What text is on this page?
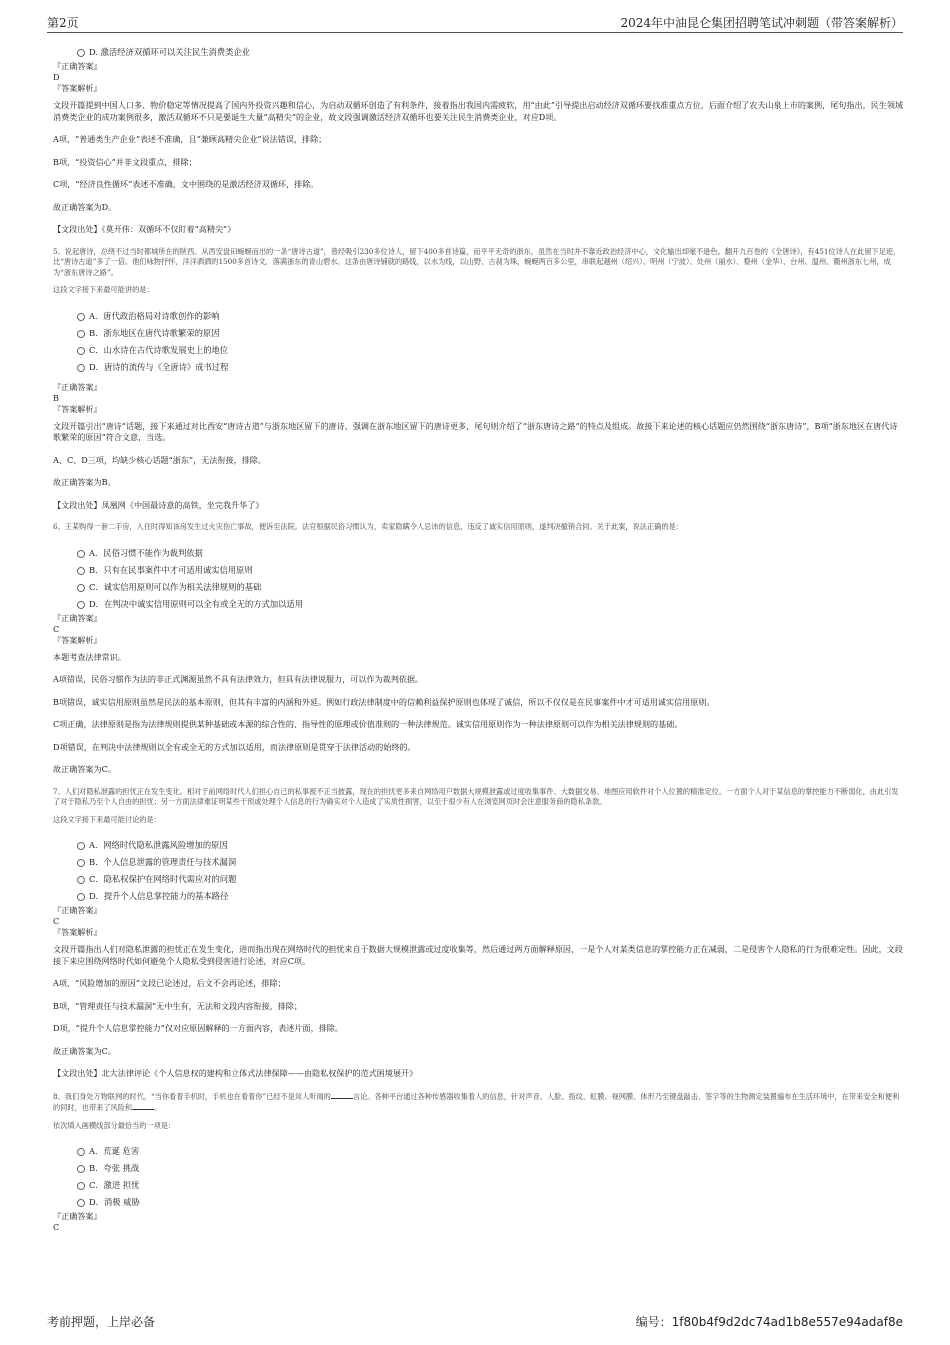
第2页	2024年中油昆仑集团招聘笔试冲刺题（带答案解析）
D. 激活经济双循环可以关注民生消费类企业
『正确答案』
D
『答案解析』

文段开篇提到中国人口多、物价稳定等情况提高了国内外投资兴趣和信心，为启动双循环创造了有利条件，接着指出我国内需疲软，用“由此”引导提出启动经济双循环要找准重点方位，后面介绍了农夫山泉上市的案例，尾句指出，民生领域消费类企业的成功案例很多，激活双循环不只是要诞生大量“高精尖”的企业，故文段强调激活经济双循环也要关注民生消费类企业，对应D项。

A项，“普通类生产企业”表述不准确，且“兼顾高精尖企业”说法错误，排除；

B项，“投资信心”并非文段重点，排除；

C项，“经济良性循环”表述不准确，文中围绕的是激活经济双循环，排除。

故正确答案为D。

【文段出处】《莫开伟：双循环不仅盯着“高精尖”》

5、说起唐诗，总绕不过当时都城所在的陕西。从西安盘田蜿蜒而出的一条“唐诗古道”，曾经吸引230多位诗人，留下400多首诗篇，而平平无奇的浙东，虽然在当时并不靠近政治经济中心，文化输出却毫不逊色。翻开九百卷的《全唐诗》，有451位诗人在此留下足迹，比“唐诗古道”多了一倍。他们咏物抒怀，洋洋洒洒的1500多首诗文，落满浙东的青山碧水。这条由唐诗铺就的路线，以水为线，以山野、古刹为珠，蜿蜒两百多公里，串联起越州（绍兴）、明州（宁波）、处州（丽水）、婺州（金华）、台州、温州、衢州浙东七州，成为“浙东唐诗之路”。
这段文字接下来最可能讲的是：
A．唐代政治格局对诗歌创作的影响
B．浙东地区在唐代诗歌繁荣的原因
C．山水诗在古代诗歌发展史上的地位
D．唐诗的流传与《全唐诗》成书过程
『正确答案』
B
『答案解析』

文段开篇引出“唐诗”话题，接下来通过对比西安“唐诗古道”与浙东地区留下的唐诗，强调在浙东地区留下的唐诗更多，尾句则介绍了“浙东唐诗之路”的特点及组成。故接下来论述的核心话题应仍然围绕“浙东唐诗”，B项“浙东地区在唐代诗歌繁荣的原因”符合文意，当选。

A、C、D三项，均缺少核心话题“浙东”，无法衔接，排除。

故正确答案为B。

【文段出处】凤凰网《中国最诗意的高铁，坐完我升华了》

6、王某购得一套二手房，入住时得知该房发生过火灾伤亡事故，便诉至法院。法官根据民俗习惯认为，卖家隐瞒令人忌讳的信息，违反了诚实信用原则，遂判决撤销合同。关于此案，说法正确的是：
A．民俗习惯不能作为裁判依据
B．只有在民事案件中才可适用诚实信用原则
C．诚实信用原则可以作为相关法律规则的基础
D．在判决中诚实信用原则可以全有或全无的方式加以适用
『正确答案』
C
『答案解析』

本题考查法律常识。

A项错误，民俗习惯作为法的非正式渊源虽然不具有法律效力，但具有法律说服力，可以作为裁判依据。

B项错误，诚实信用原则虽然是民法的基本原则，但其有丰富的内涵和外延。例如行政法律制度中的信赖利益保护原则也体现了诚信，所以不仅仅是在民事案件中才可适用诚实信用原则。

C项正确，法律原则是指为法律规则提供某种基础或本源的综合性的、指导性的原理或价值准则的一种法律规范。诚实信用原则作为一种法律原则可以作为相关法律规则的基础。

D项错误，在判决中法律规则以全有或全无的方式加以适用，而法律原则是贯穿于法律活动的始终的。

故正确答案为C。

7、人们对隐私泄露的担忧正在发生变化。相对于前网络时代人们担心自己的私事被不正当披露，现在的担忧更多来自网络用户数据大规模泄露或过度收集事件、大数据交易、地图应用软件对个人位置的精准定位。一方面个人对于某信息的掌控能力不断弱化，由此引发了对于隐私乃至个人自由的担忧；另一方面法律难证明某些干预或处理个人信息的行为确实对个人造成了实质性损害，以至于很少有人在浏览网页时会注意服务商的隐私条款。
这段文字接下来最可能讨论的是：
A．网络时代隐私泄露风险增加的原因
B．个人信息泄露的管理责任与技术漏洞
C．隐私权保护在网络时代需应对的问题
D．提升个人信息掌控能力的基本路径
『正确答案』
C
『答案解析』

文段开篇指出人们对隐私泄露的担忧正在发生变化，进而指出现在网络时代的担忧来自于数据大规模泄露或过度收集等，然后通过两方面解释原因，一是个人对某类信息的掌控能力正在减弱，二是侵害个人隐私的行为很难定性。因此，文段接下来应围绕网络时代如何避免个人隐私受到侵害进行论述，对应C项。

A项，“风险增加的原因”文段已论述过，后文不会再论述，排除；

B项，“管理责任与技术漏洞”无中生有，无法和文段内容衔接，排除；

D项，“提升个人信息掌控能力”仅对应原因解释的一方面内容，表述片面，排除。

故正确答案为C。

【文段出处】北大法律评论《个人信息权的建构和立体式法律保障——由隐私权保护的范式困境展开》

8、我们身处万物联网的时代，“当你看着手机时，手机也在看着你”已经不是耸人听闻的	言论。各种平台通过各种传感器收集着人的信息，针对声音、人脸、指纹、虹膜、视网膜、体形乃至键盘敲击、签字等的生物测定装置遍布在生活环境中，在带来安全和便利的同时，也带来了风险和	。
依次填入画横线部分最恰当的一项是：
A．荒诞 危害
B．夸张 挑战
C．激进 担忧
D．消极 威胁
『正确答案』
C
考前押题，上岸必备	编号：1f80b4f9d2dc74ad1b8e557e94adaf8e
